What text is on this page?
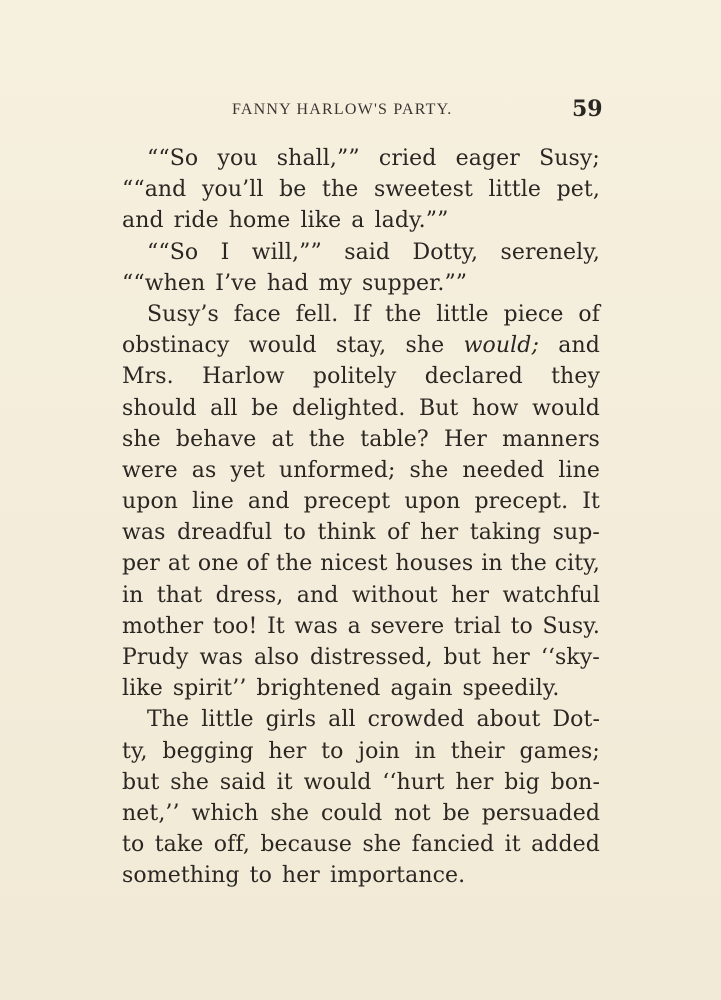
FANNY HARLOW'S PARTY.	59
““So you shall,”” cried eager Susy;
““and you’ll be the sweetest little pet,
and ride home like a lady.””
““So I will,”” said Dotty, serenely,
““when I’ve had my supper.””
Susy’s face fell. If the little piece of
obstinacy would stay, she would; and
Mrs. Harlow politely declared they
should all be delighted. But how would
she behave at the table? Her manners
were as yet unformed; she needed line
upon line and precept upon precept. It
was dreadful to think of her taking sup-
per at one of the nicest houses in the city,
in that dress, and without her watchful
mother too! It was a severe trial to Susy.
Prudy was also distressed, but her ‘‘sky-
like spirit’’ brightened again speedily.
The little girls all crowded about Dot-
ty, begging her to join in their games;
but she said it would ‘‘hurt her big bon-
net,’’ which she could not be persuaded
to take off, because she fancied it added
something to her importance.
